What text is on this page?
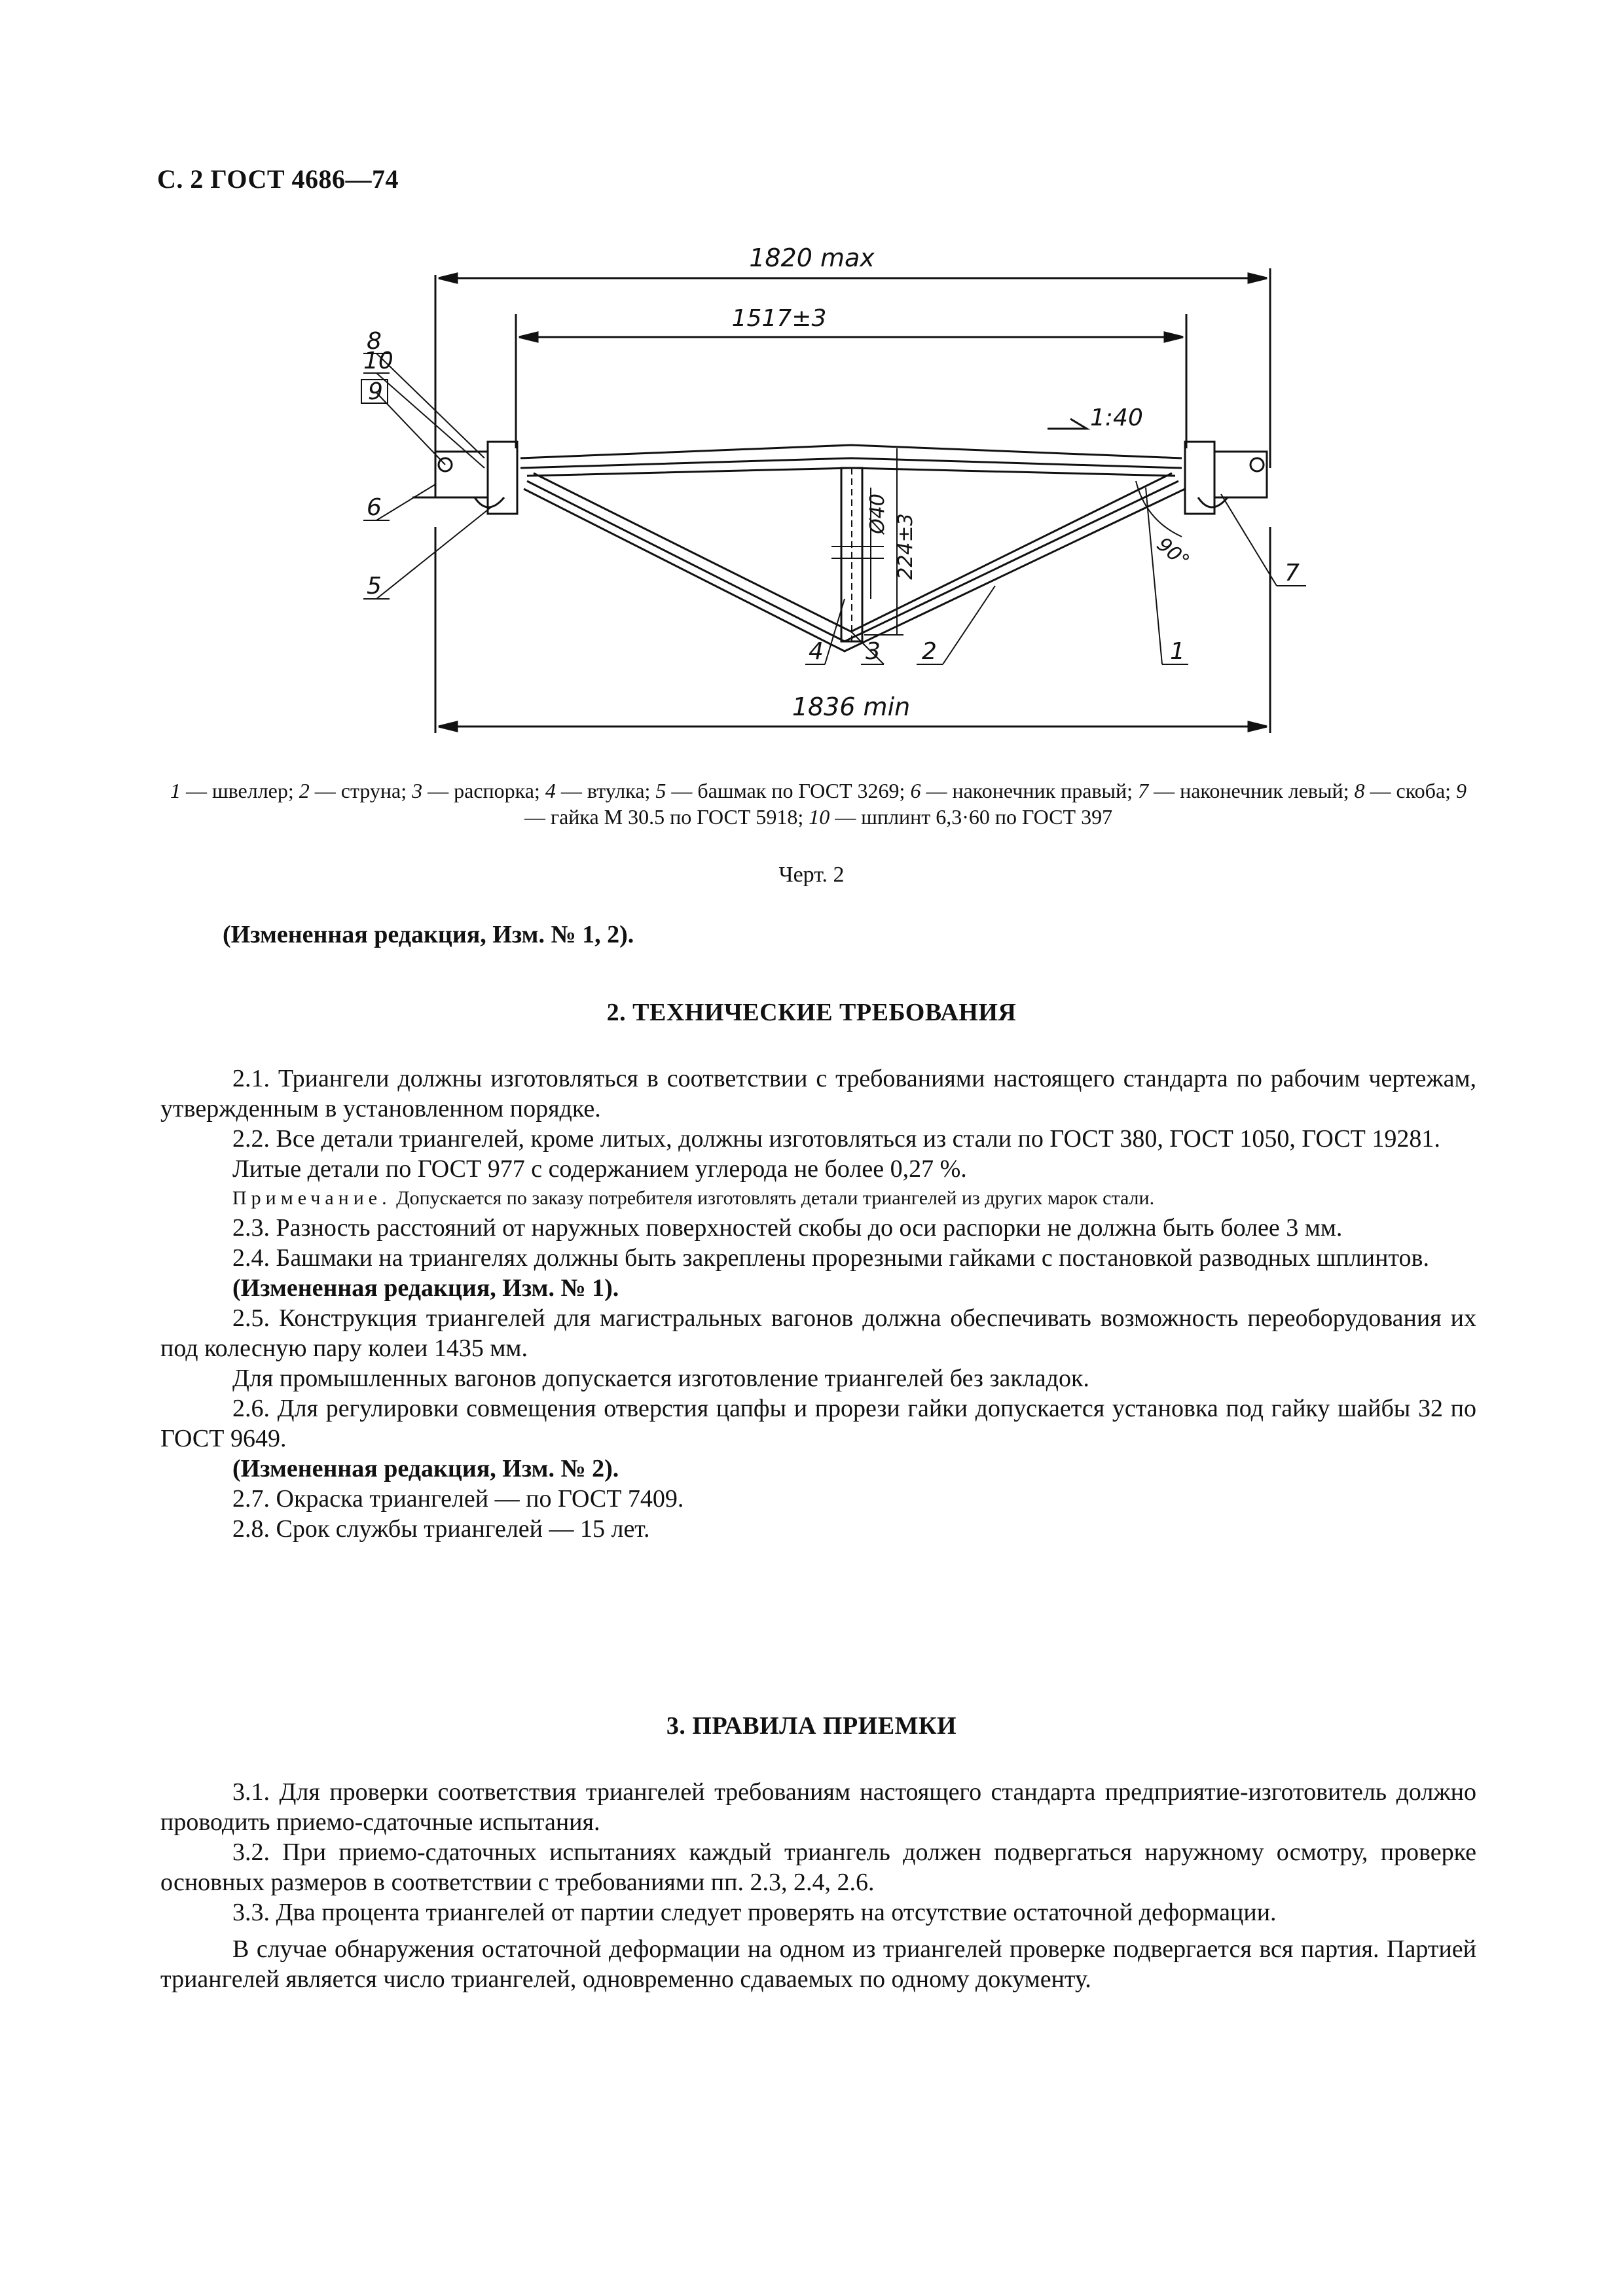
С. 2 ГОСТ 4686—74
1820 max
1517±3
1836 min
1:40
224±3
Ø40
90°
8
10
9
6
5	7
1
2
3
4
1 — швеллер; 2 — струна; 3 — распорка; 4 — втулка; 5 — башмак по ГОСТ 3269; 6 — наконечник правый; 7 — наконечник левый; 8 — скоба; 9 — гайка М 30.5 по ГОСТ 5918; 10 — шплинт 6,3·60 по ГОСТ 397
Черт. 2

(Измененная редакция, Изм. № 1, 2).

2. ТЕХНИЧЕСКИЕ ТРЕБОВАНИЯ

2.1. Триангели должны изготовляться в соответствии с требованиями настоящего стандарта по рабочим чертежам, утвержденным в установленном порядке.

2.2. Все детали триангелей, кроме литых, должны изготовляться из стали по ГОСТ 380, ГОСТ 1050, ГОСТ 19281.

Литые детали по ГОСТ 977 с содержанием углерода не более 0,27 %.

Примечание. Допускается по заказу потребителя изготовлять детали триангелей из других марок стали.

2.3. Разность расстояний от наружных поверхностей скобы до оси распорки не должна быть более 3 мм.

2.4. Башмаки на триангелях должны быть закреплены прорезными гайками с постановкой разводных шплинтов.

(Измененная редакция, Изм. № 1).

2.5. Конструкция триангелей для магистральных вагонов должна обеспечивать возможность переоборудования их под колесную пару колеи 1435 мм.

Для промышленных вагонов допускается изготовление триангелей без закладок.

2.6. Для регулировки совмещения отверстия цапфы и прорези гайки допускается установка под гайку шайбы 32 по ГОСТ 9649.

(Измененная редакция, Изм. № 2).

2.7. Окраска триангелей — по ГОСТ 7409.

2.8. Срок службы триангелей — 15 лет.

3. ПРАВИЛА ПРИЕМКИ

3.1. Для проверки соответствия триангелей требованиям настоящего стандарта предприятие-изготовитель должно проводить приемо-сдаточные испытания.

3.2. При приемо-сдаточных испытаниях каждый триангель должен подвергаться наружному осмотру, проверке основных размеров в соответствии с требованиями пп. 2.3, 2.4, 2.6.

3.3. Два процента триангелей от партии следует проверять на отсутствие остаточной деформации.

В случае обнаружения остаточной деформации на одном из триангелей проверке подвергается вся партия. Партией триангелей является число триангелей, одновременно сдаваемых по одному документу.
